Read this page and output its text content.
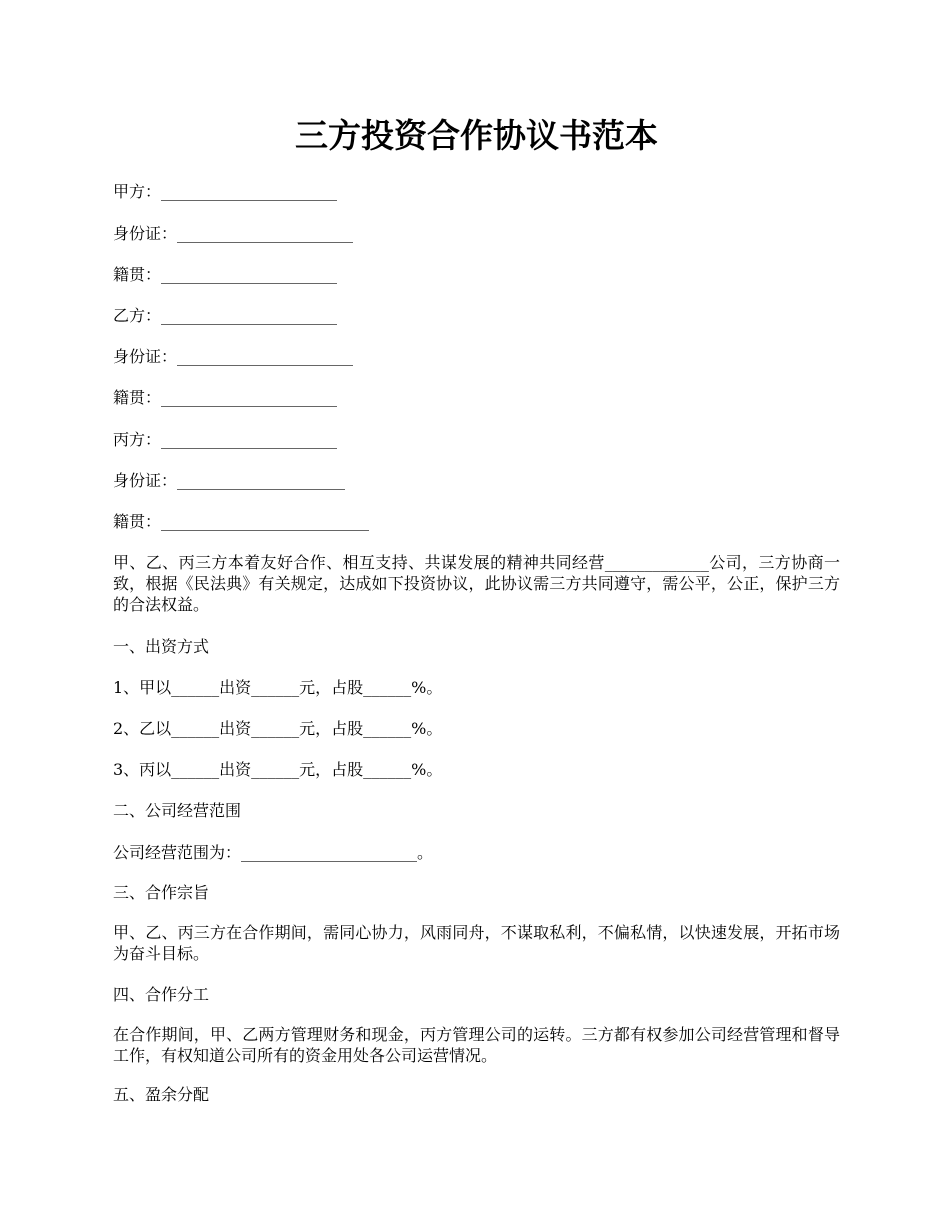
三方投资合作协议书范本
甲方：______________________
身份证：______________________
籍贯：______________________
乙方：______________________
身份证：______________________
籍贯：______________________
丙方：______________________
身份证：_____________________
籍贯：__________________________
甲、乙、丙三方本着友好合作、相互支持、共谋发展的精神共同经营_____________公司，三方协商一致，根据《民法典》有关规定，达成如下投资协议，此协议需三方共同遵守，需公平，公正，保护三方的合法权益。
一、出资方式
1、甲以______出资______元，占股______%。
2、乙以______出资______元，占股______%。
3、丙以______出资______元，占股______%。
二、公司经营范围
公司经营范围为：______________________。
三、合作宗旨
甲、乙、丙三方在合作期间，需同心协力，风雨同舟，不谋取私利，不偏私情，以快速发展，开拓市场为奋斗目标。
四、合作分工
在合作期间，甲、乙两方管理财务和现金，丙方管理公司的运转。三方都有权参加公司经营管理和督导工作，有权知道公司所有的资金用处各公司运营情况。
五、盈余分配
